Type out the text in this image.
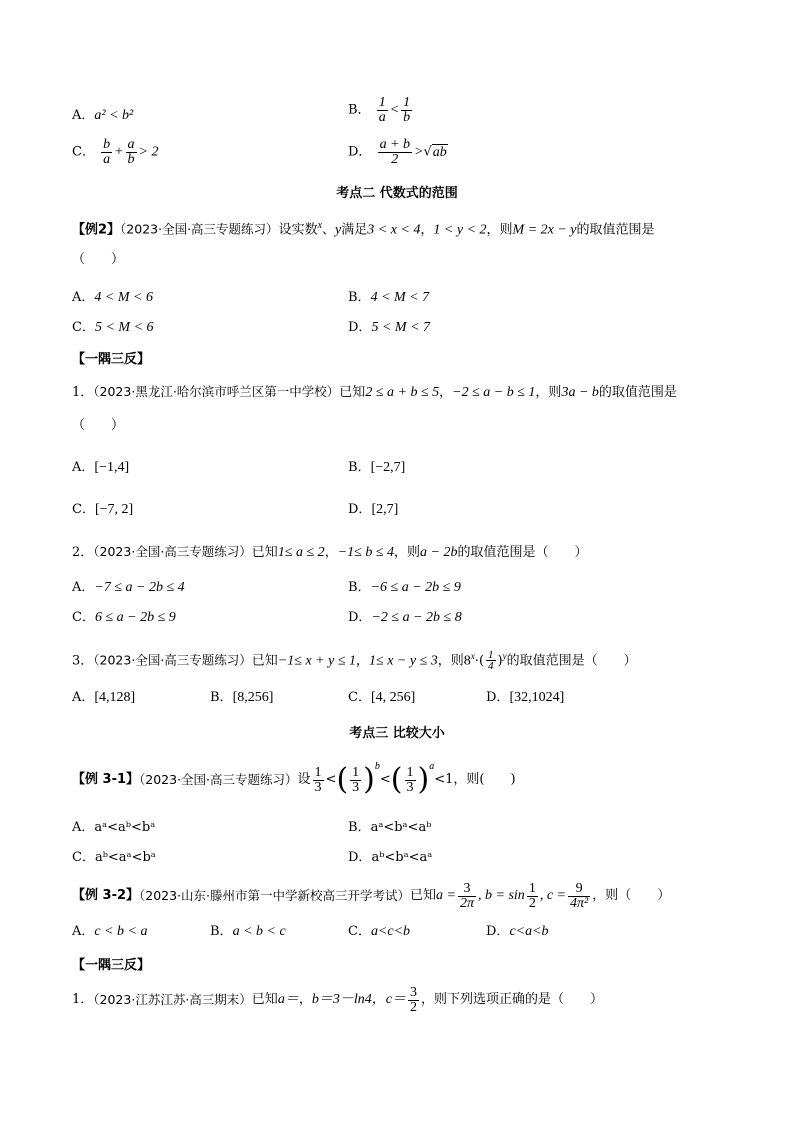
A．a² < b²	B． $\frac{1}{a} < \frac{1}{b}$
C． $\frac{b}{a} + \frac{a}{b} > 2$	D． $\frac{a + b}{2} >√ab$
考点二 代数式的范围
【例2】（2023·全国·高三专题练习）设实数$^x$、y满足3 < x < 4，1 < y < 2，则M = 2x − y的取值范围是
（　　）
A．4 < M < 6	B．4 < M < 7
C．5 < M < 6	D．5 < M < 7
【一隅三反】
1．（2023·黑龙江·哈尔滨市呼兰区第一中学校）已知2 ≤ a + b ≤ 5，−2 ≤ a − b ≤ 1，则3a − b的取值范围是
（　　）
A．[−1,4]	B．[−2,7]
C．[−7, 2]	D．[2,7]
2．（2023·全国·高三专题练习）已知1≤ a ≤ 2，−1≤ b ≤ 4，则a − 2b的取值范围是（　　）
A．−7 ≤ a − 2b ≤ 4	B．−6 ≤ a − 2b ≤ 9
C．6 ≤ a − 2b ≤ 9	D．−2 ≤ a − 2b ≤ 8
3．（2023·全国·高三专题练习）已知−1≤ x + y ≤ 1，1≤ x − y ≤ 3，则$8^x\cdot( \frac{1}{4} )^y$的取值范围是（　　）
A．[4,128]	B．[8,256]	C．[4, 256]	D．[32,1024]
考点三 比较大小
【例 3-1】（2023·全国·高三专题练习）设 $\frac{1}{3}$ <( $\frac{1}{3} )^b<( \frac{1}{3} )^a<1$，则(　　)
A．aᵃ<aᵇ<bᵃ	B．aᵃ<bᵃ<aᵇ
C．aᵇ<aᵃ<bᵃ	D．aᵇ<bᵃ<aᵃ
【例 3-2】（2023·山东·滕州市第一中学新校高三开学考试）已知$a = \frac{3}{2\pi}$ , $b = \sin \frac{1}{2}$ , $c = \frac{9}{\text{4π²}}$ ，则（　　）
A．c < b < a	B．a < b < c	C．a<c<b	D．c<a<b
【一隅三反】
1．（2023·江苏江苏·高三期末）已知a＝，b＝3－ln4，$c= \frac{3}{2}$ ，则下列选项正确的是（　　）
